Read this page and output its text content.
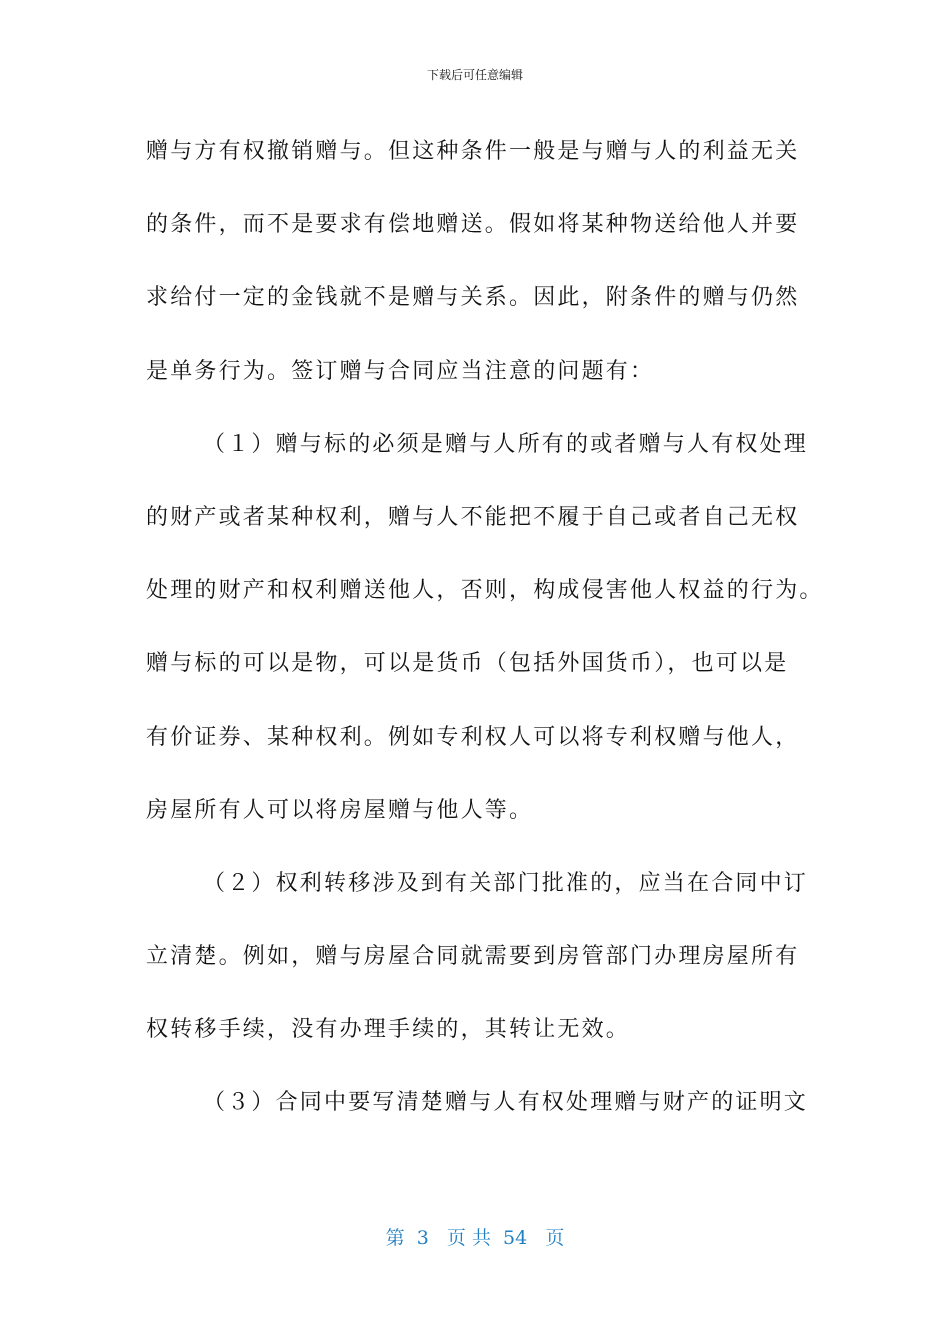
下载后可任意编辑
赠与方有权撤销赠与。但这种条件一般是与赠与人的利益无关
的条件，而不是要求有偿地赠送。假如将某种物送给他人并要
求给付一定的金钱就不是赠与关系。因此，附条件的赠与仍然
是单务行为。签订赠与合同应当注意的问题有：
（１）赠与标的必须是赠与人所有的或者赠与人有权处理
的财产或者某种权利，赠与人不能把不履于自己或者自己无权
处理的财产和权利赠送他人，否则，构成侵害他人权益的行为。
赠与标的可以是物，可以是货币（包括外国货币），也可以是
有价证券、某种权利。例如专利权人可以将专利权赠与他人，
房屋所有人可以将房屋赠与他人等。
（２）权利转移涉及到有关部门批准的，应当在合同中订
立清楚。例如，赠与房屋合同就需要到房管部门办理房屋所有
权转移手续，没有办理手续的，其转让无效。
（３）合同中要写清楚赠与人有权处理赠与财产的证明文
第  3   页 共  54   页
